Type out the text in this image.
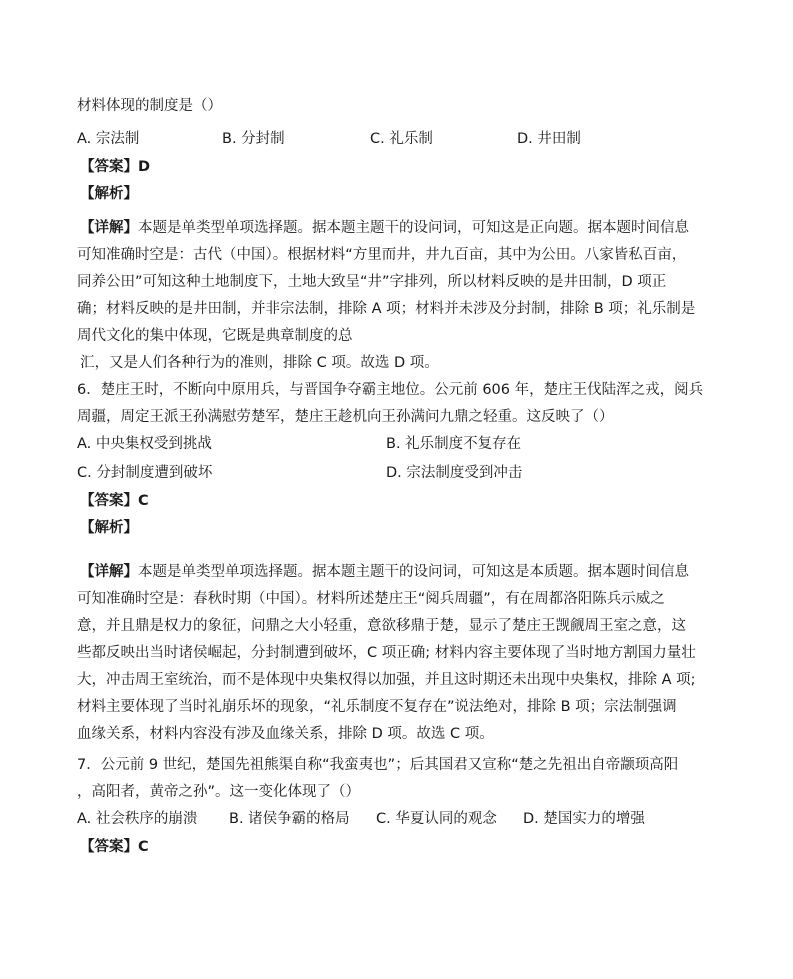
材料体现的制度是（）
A. 宗法制	B. 分封制	C. 礼乐制	D. 井田制
【答案】D
【解析】
【详解】本题是单类型单项选择题。据本题主题干的设问词，可知这是正向题。据本题时间信息
可知准确时空是：古代（中国）。根据材料“方里而井，井九百亩，其中为公田。八家皆私百亩，
同养公田”可知这种土地制度下，土地大致呈“井”字排列，所以材料反映的是井田制，D 项正
确；材料反映的是井田制，并非宗法制，排除 A 项；材料并未涉及分封制，排除 B 项；礼乐制是
周代文化的集中体现，它既是典章制度的总
汇，又是人们各种行为的准则，排除 C 项。故选 D 项。
6．楚庄王时，不断向中原用兵，与晋国争夺霸主地位。公元前 606 年，楚庄王伐陆浑之戎，阅兵
周疆，周定王派王孙满慰劳楚军，楚庄王趁机向王孙满问九鼎之轻重。这反映了（）
A. 中央集权受到挑战	B. 礼乐制度不复存在
C. 分封制度遭到破坏	D. 宗法制度受到冲击
【答案】C
【解析】
【详解】本题是单类型单项选择题。据本题主题干的设问词，可知这是本质题。据本题时间信息
可知准确时空是：春秋时期（中国）。材料所述楚庄王“阅兵周疆”，有在周都洛阳陈兵示威之
意，并且鼎是权力的象征，问鼎之大小轻重，意欲移鼎于楚，显示了楚庄王觊觎周王室之意，这
些都反映出当时诸侯崛起，分封制遭到破坏，C 项正确; 材料内容主要体现了当时地方割国力量壮
大，冲击周王室统治，而不是体现中央集权得以加强，并且这时期还未出现中央集权，排除 A 项;
材料主要体现了当时礼崩乐坏的现象，“礼乐制度不复存在”说法绝对，排除 B 项；宗法制强调
血缘关系，材料内容没有涉及血缘关系，排除 D 项。故选 C 项。
7．公元前 9 世纪，楚国先祖熊渠自称“我蛮夷也”；后其国君又宣称“楚之先祖出自帝颛顼高阳
，高阳者，黄帝之孙”。这一变化体现了（）
A. 社会秩序的崩溃 B. 诸侯争霸的格局 C. 华夏认同的观念 D. 楚国实力的增强
【答案】C
